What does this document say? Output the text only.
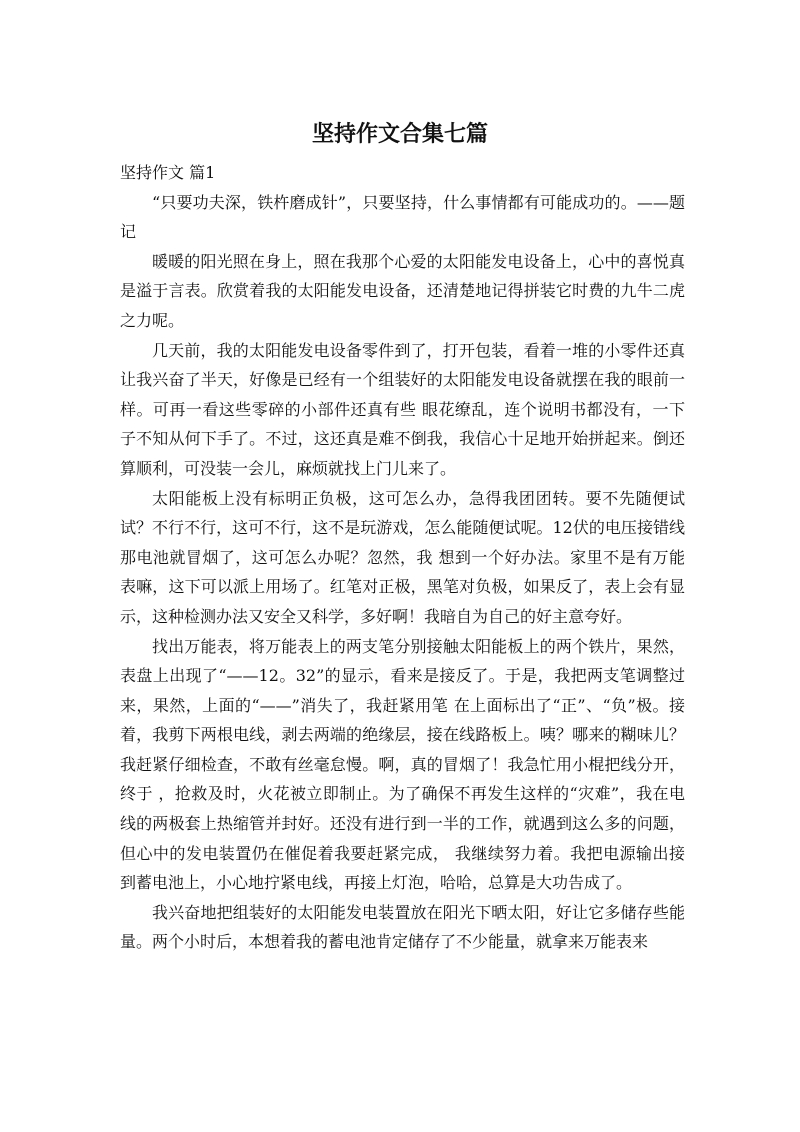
坚持作文合集七篇

坚持作文 篇1

“只要功夫深，铁杵磨成针”，只要坚持，什么事情都有可能成功的。——题记

暖暖的阳光照在身上，照在我那个心爱的太阳能发电设备上，心中的喜悦真是溢于言表。欣赏着我的太阳能发电设备，还清楚地记得拼装它时费的九牛二虎之力呢。

几天前，我的太阳能发电设备零件到了，打开包装，看着一堆的小零件还真让我兴奋了半天，好像是已经有一个组装好的太阳能发电设备就摆在我的眼前一样。可再一看这些零碎的小部件还真有些 眼花缭乱，连个说明书都没有，一下子不知从何下手了。不过，这还真是难不倒我，我信心十足地开始拼起来。倒还算顺利，可没装一会儿，麻烦就找上门儿来了。

太阳能板上没有标明正负极，这可怎么办，急得我团团转。要不先随便试试？不行不行，这可不行，这不是玩游戏，怎么能随便试呢。12伏的电压接错线那电池就冒烟了，这可怎么办呢？忽然，我 想到一个好办法。家里不是有万能表嘛，这下可以派上用场了。红笔对正极，黑笔对负极，如果反了，表上会有显示，这种检测办法又安全又科学，多好啊！我暗自为自己的好主意夸好。

找出万能表，将万能表上的两支笔分别接触太阳能板上的两个铁片，果然，表盘上出现了“——12。32”的显示，看来是接反了。于是，我把两支笔调整过来，果然，上面的“——”消失了，我赶紧用笔 在上面标出了“正”、“负”极。接着，我剪下两根电线，剥去两端的绝缘层，接在线路板上。咦？哪来的糊味儿？我赶紧仔细检查，不敢有丝毫怠慢。啊，真的冒烟了！我急忙用小棍把线分开，终于 ，抢救及时，火花被立即制止。为了确保不再发生这样的“灾难”，我在电线的两极套上热缩管并封好。还没有进行到一半的工作，就遇到这么多的问题，但心中的发电装置仍在催促着我要赶紧完成， 我继续努力着。我把电源输出接到蓄电池上，小心地拧紧电线，再接上灯泡，哈哈，总算是大功告成了。

我兴奋地把组装好的太阳能发电装置放在阳光下晒太阳，好让它多储存些能量。两个小时后，本想着我的蓄电池肯定储存了不少能量，就拿来万能表来
